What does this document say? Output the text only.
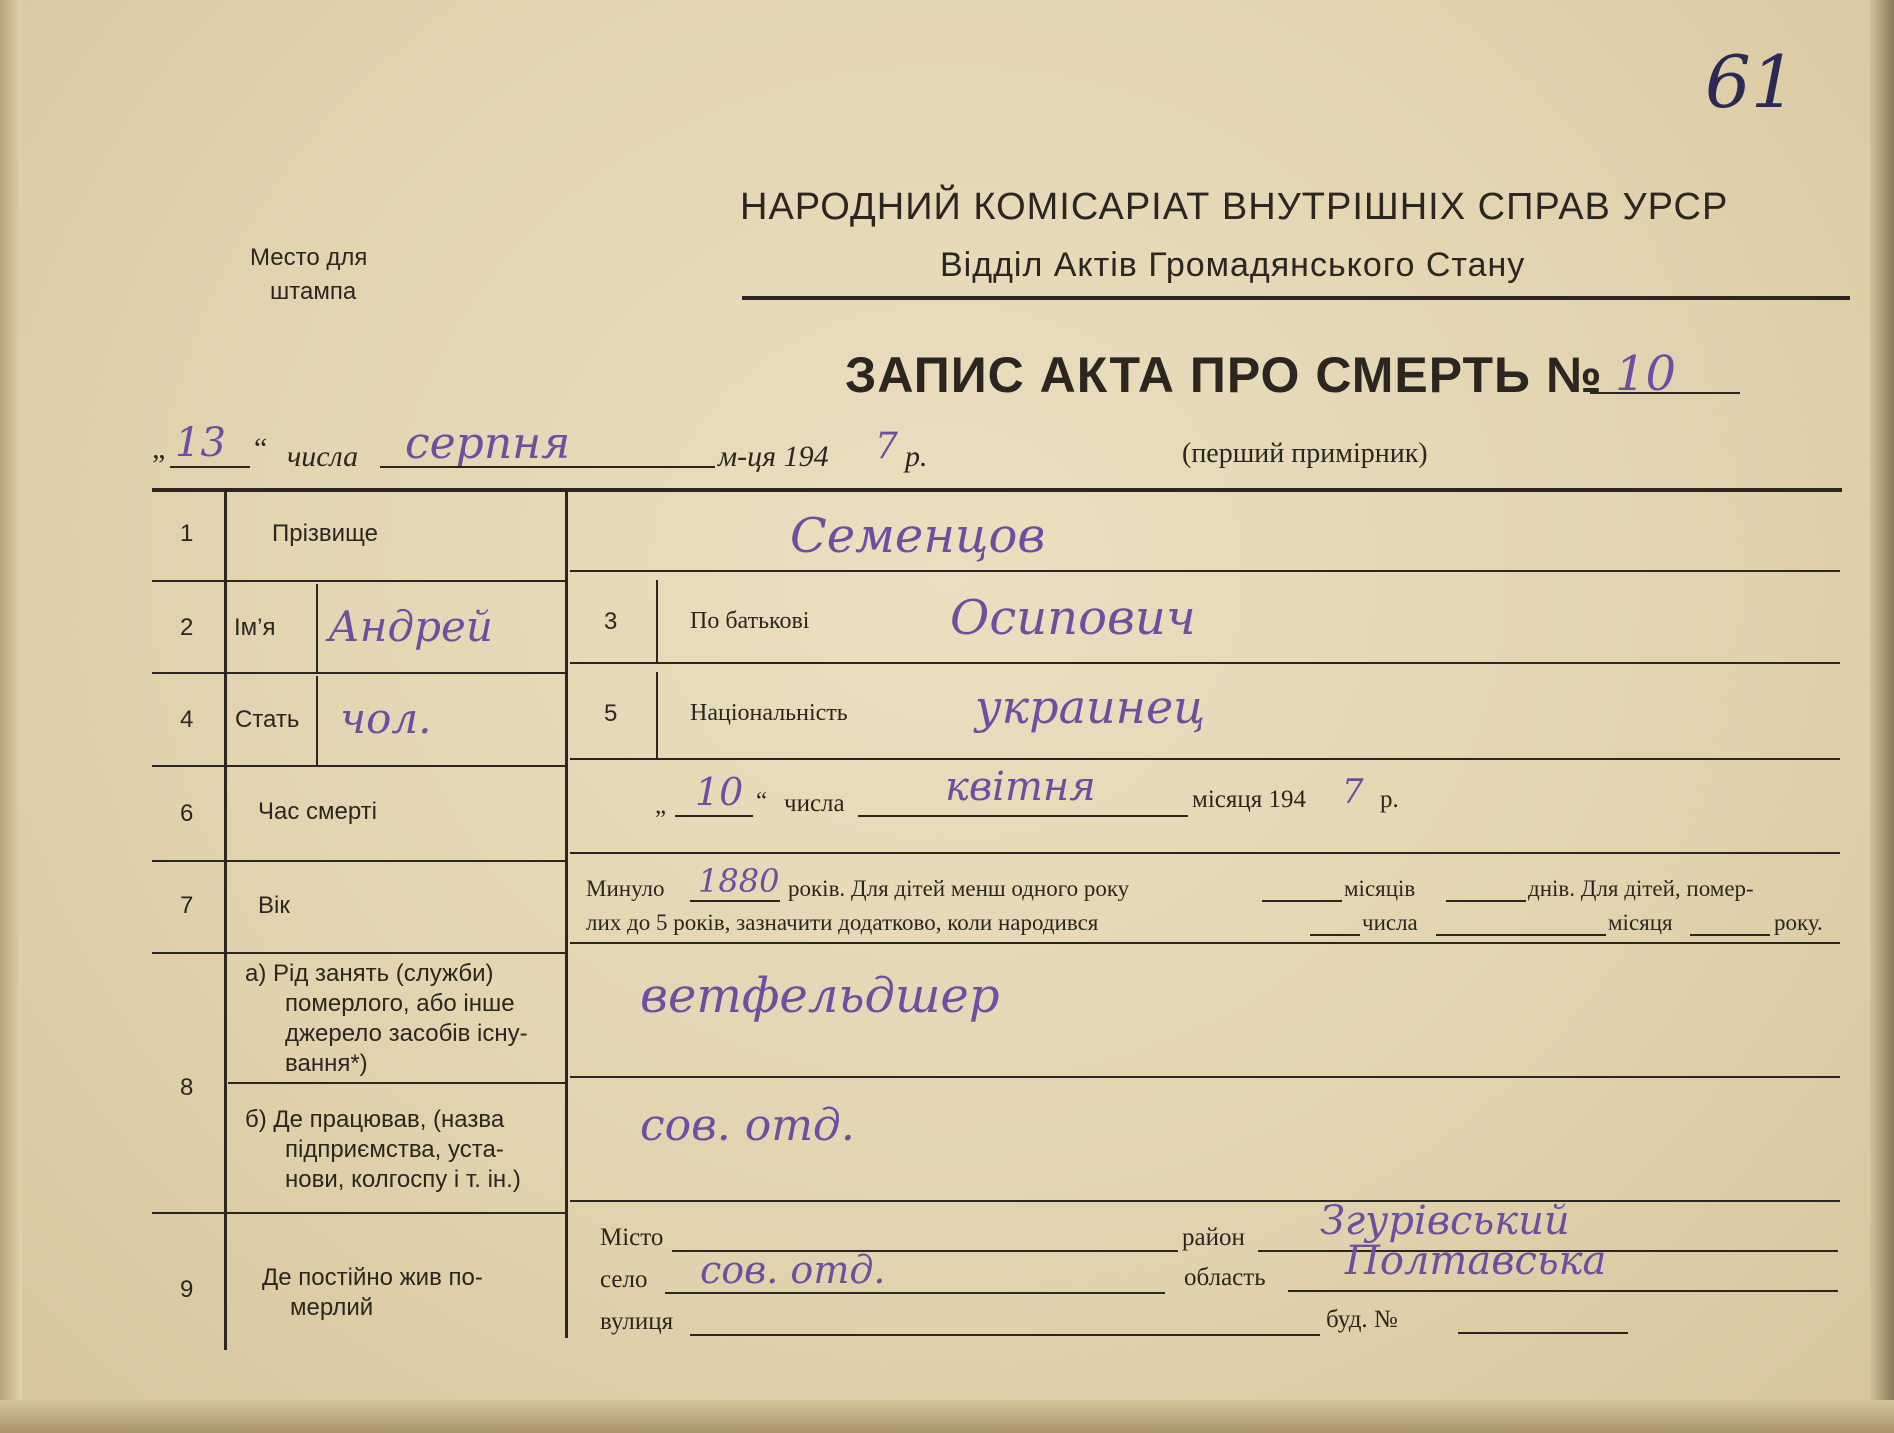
61
Место для
штампа
НАРОДНИЙ КОМІСАРІАТ ВНУТРІШНІХ СПРАВ УРСР
Відділ Актів Громадянського Стану
ЗАПИС АКТА ПРО СМЕРТЬ № 10
„ 13 “ числа серпня	м-ця 194 7 р.	(перший примірник)
1	Прізвище	Семенцов
2 Ім’я Андрей	3	По батькові	Осипович
4 Стать чол.	5	Національність	украинец
6	Час смерті	„ 10 “ числа	квітня	місяця 194 7 р.
7	Вік
Минуло 1880 років. Для дітей менш одного року	місяців	днів. Для дітей, помер-
лих до 5 років, зазначити додатково, коли народився	числа	місяця	року.
8
а) Рід занять (служби)
померлого, або інше
джерело засобів існу-
вання*)
ветфельдшер
б) Де працював, (назва
підприємства, уста-
нови, колгоспу і т. ін.)
сов. отд.
9	Де постійно жив по-
мерлий
Місто	район Згурівський
село сов. отд.	область Полтавська
вулиця	буд. №
